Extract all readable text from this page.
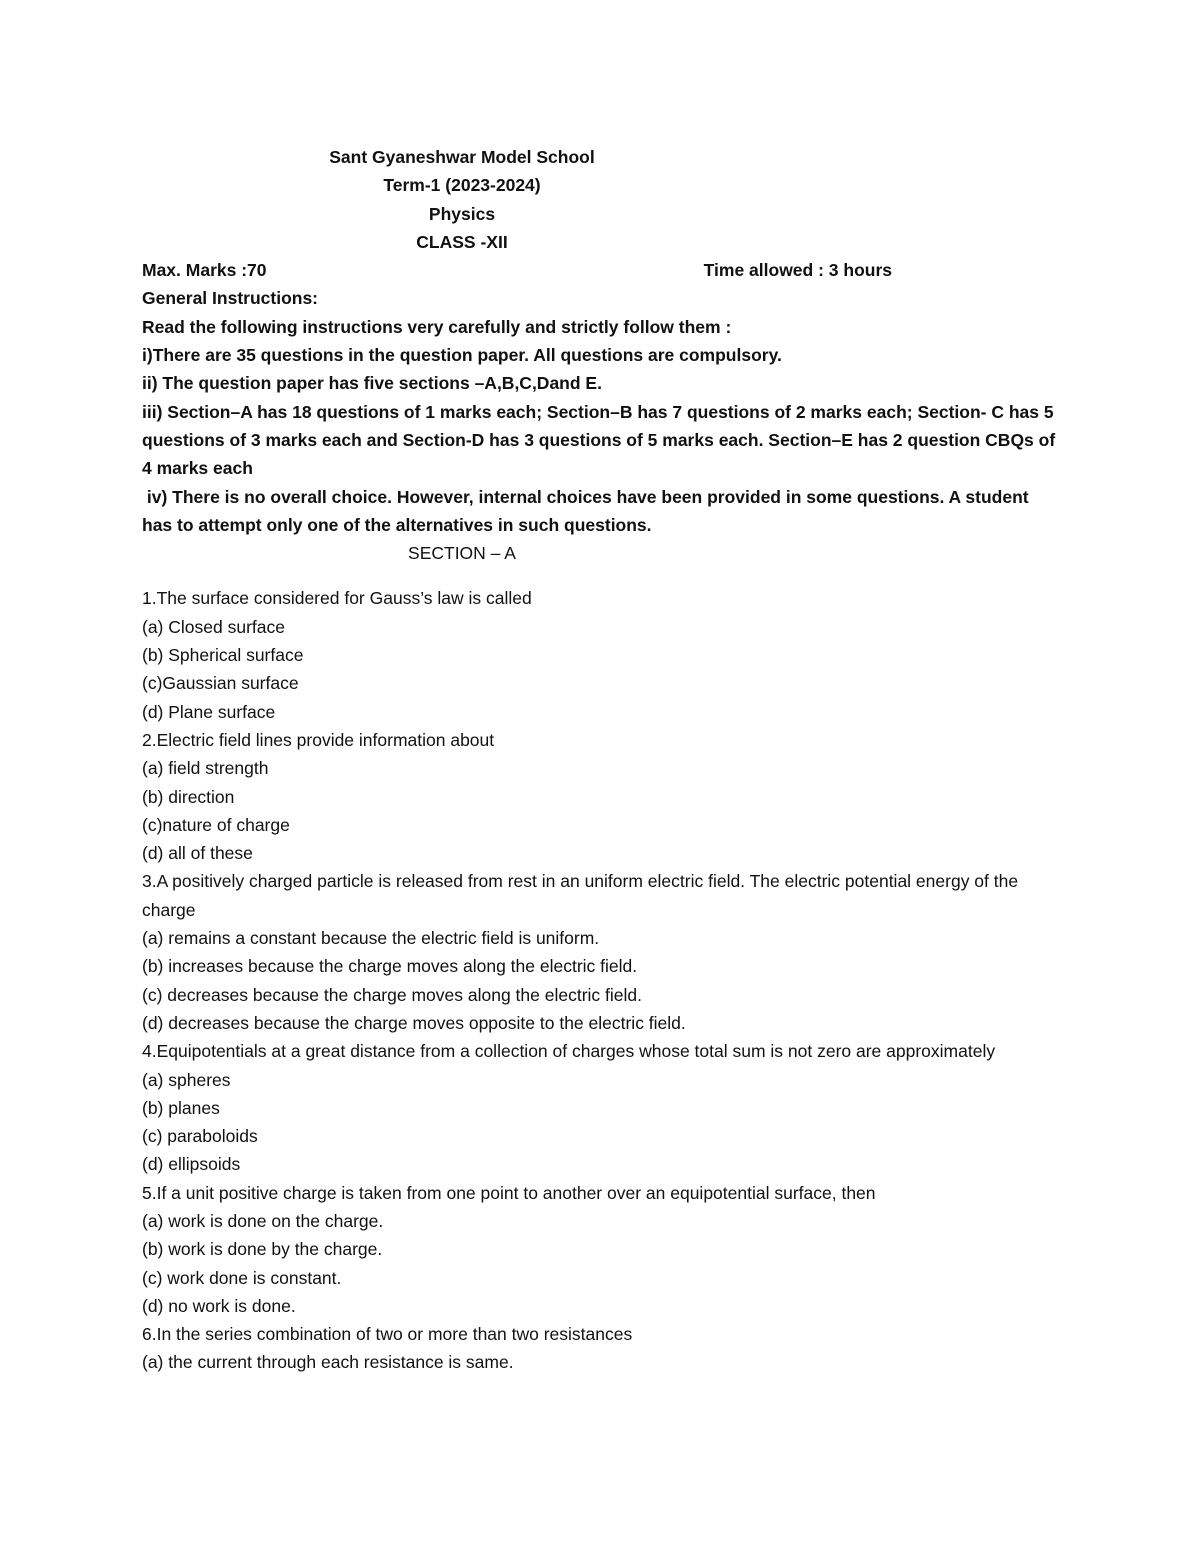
Sant Gyaneshwar Model School

Term-1 (2023-2024)

Physics

CLASS -XII

Max. Marks :70	Time allowed : 3 hours

General Instructions:

Read the following instructions very carefully and strictly follow them :

i)There are 35 questions in the question paper. All questions are compulsory.

ii) The question paper has five sections –A,B,C,Dand E.

iii) Section–A has 18 questions of 1 marks each; Section–B has 7 questions of 2 marks each; Section- C has 5 questions of 3 marks each and Section-D has 3 questions of 5 marks each. Section–E has 2 question CBQs of 4 marks each

iv) There is no overall choice. However, internal choices have been provided in some questions. A student has to attempt only one of the alternatives in such questions.

SECTION – A

1.The surface considered for Gauss’s law is called

(a) Closed surface

(b) Spherical surface

(c)Gaussian surface

(d) Plane surface

2.Electric field lines provide information about

(a) field strength

(b) direction

(c)nature of charge

(d) all of these

3.A positively charged particle is released from rest in an uniform electric field. The electric potential energy of the charge

(a) remains a constant because the electric field is uniform.

(b) increases because the charge moves along the electric field.

(c) decreases because the charge moves along the electric field.

(d) decreases because the charge moves opposite to the electric field.

4.Equipotentials at a great distance from a collection of charges whose total sum is not zero are approximately

(a) spheres

(b) planes

(c) paraboloids

(d) ellipsoids

5.If a unit positive charge is taken from one point to another over an equipotential surface, then

(a) work is done on the charge.

(b) work is done by the charge.

(c) work done is constant.

(d) no work is done.

6.In the series combination of two or more than two resistances

(a) the current through each resistance is same.
